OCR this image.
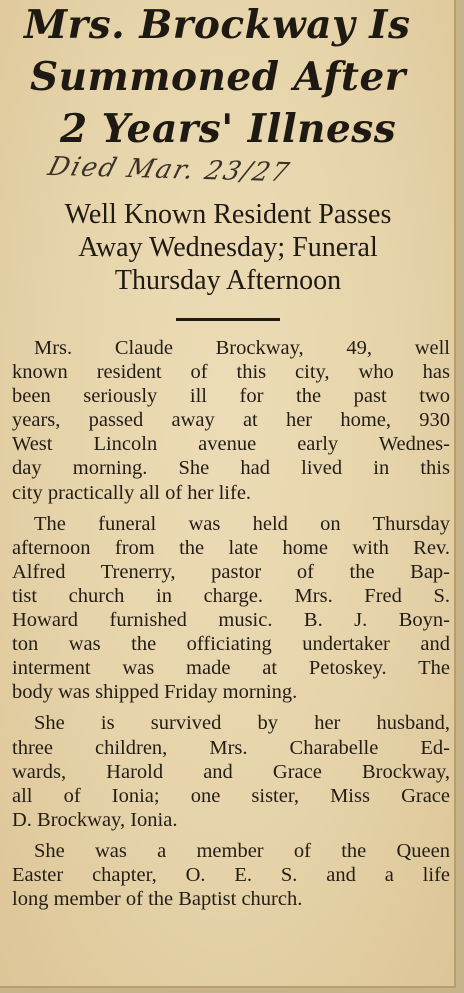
Mrs. Brockway Is
Summoned After
2 Years' Illness
Died Mar. 23/27
Well Known Resident Passes
Away Wednesday; Funeral
Thursday Afternoon
Mrs. Claude Brockway, 49, well
known resident of this city, who has
been seriously ill for the past two
years, passed away at her home, 930
West Lincoln avenue early Wednes-
day morning. She had lived in this
city practically all of her life.
The funeral was held on Thursday
afternoon from the late home with Rev.
Alfred Trenerry, pastor of the Bap-
tist church in charge. Mrs. Fred S.
Howard furnished music. B. J. Boyn-
ton was the officiating undertaker and
interment was made at Petoskey. The
body was shipped Friday morning.
She is survived by her husband,
three children, Mrs. Charabelle Ed-
wards, Harold and Grace Brockway,
all of Ionia; one sister, Miss Grace
D. Brockway, Ionia.
She was a member of the Queen
Easter chapter, O. E. S. and a life
long member of the Baptist church.
